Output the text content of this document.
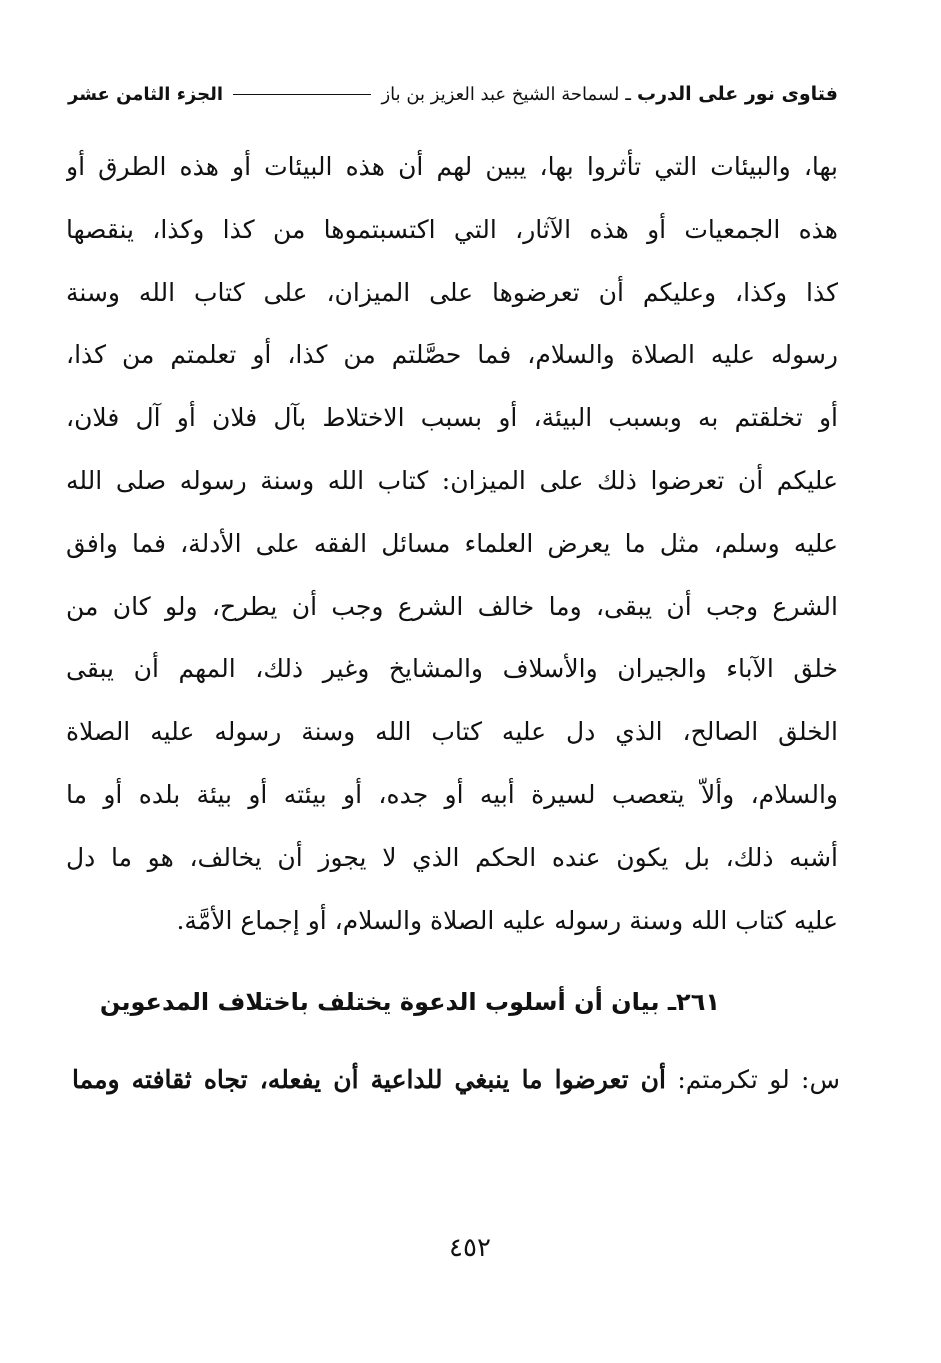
فتاوى نور على الدرب
ـ
لسماحة الشيخ عبد العزيز بن باز
الجزء الثامن عشر
بها، والبيئات التي تأثروا بها، يبين لهم أن هذه البيئات أو هذه الطرق أو
هذه الجمعيات أو هذه الآثار، التي اكتسبتموها من كذا وكذا، ينقصها
كذا وكذا، وعليكم أن تعرضوها على الميزان، على كتاب الله وسنة
رسوله عليه الصلاة والسلام، فما حصَّلتم من كذا، أو تعلمتم من كذا،
أو تخلقتم به وبسبب البيئة، أو بسبب الاختلاط بآل فلان أو آل فلان،
عليكم أن تعرضوا ذلك على الميزان: كتاب الله وسنة رسوله صلى الله
عليه وسلم، مثل ما يعرض العلماء مسائل الفقه على الأدلة، فما وافق
الشرع وجب أن يبقى، وما خالف الشرع وجب أن يطرح، ولو كان من
خلق الآباء والجيران والأسلاف والمشايخ وغير ذلك، المهم أن يبقى
الخلق الصالح، الذي دل عليه كتاب الله وسنة رسوله عليه الصلاة
والسلام، وألاّ يتعصب لسيرة أبيه أو جده، أو بيئته أو بيئة بلده أو ما
أشبه ذلك، بل يكون عنده الحكم الذي لا يجوز أن يخالف، هو ما دل
عليه كتاب الله وسنة رسوله عليه الصلاة والسلام، أو إجماع الأمَّة.
٢٦١ـ بيان أن أسلوب الدعوة يختلف باختلاف المدعوين
س: لو تكرمتم: أن تعرضوا ما ينبغي للداعية أن يفعله، تجاه ثقافته ومما
٤٥٢
